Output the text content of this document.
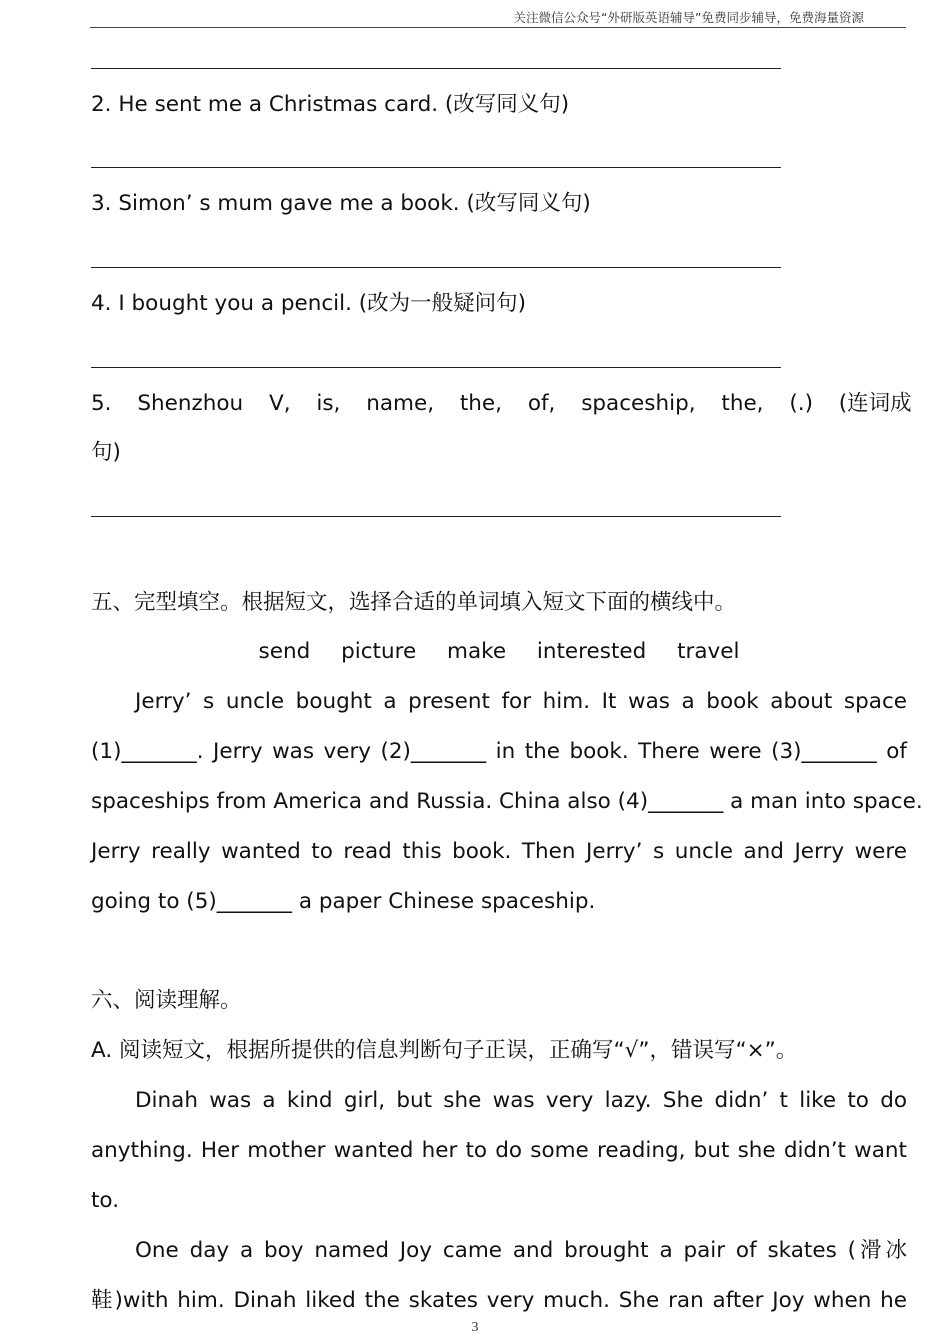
关注微信公众号“外研版英语辅导”免费同步辅导，免费海量资源
2. He sent me a Christmas card. (改写同义句)
3. Simon’ s mum gave me a book. (改写同义句)
4. I bought you a pencil. (改为一般疑问句)
5. Shenzhou V, is, name, the, of, spaceship, the, (.) (连词成
句)
五、完型填空。根据短文，选择合适的单词填入短文下面的横线中。
send picture make interested travel
Jerry’ s uncle bought a present for him. It was a book about space
(1)_______. Jerry was very (2)_______ in the book. There were (3)_______ of
spaceships from America and Russia. China also (4)_______ a man into space.
Jerry really wanted to read this book. Then Jerry’ s uncle and Jerry were
going to (5)_______ a paper Chinese spaceship.
六、阅读理解。
A. 阅读短文，根据所提供的信息判断句子正误，正确写“√”，错误写“×”。
Dinah was a kind girl, but she was very lazy. She didn’ t like to do
anything. Her mother wanted her to do some reading, but she didn’t want
to.
One day a boy named Joy came and brought a pair of skates (滑冰
鞋)with him. Dinah liked the skates very much. She ran after Joy when he
3
